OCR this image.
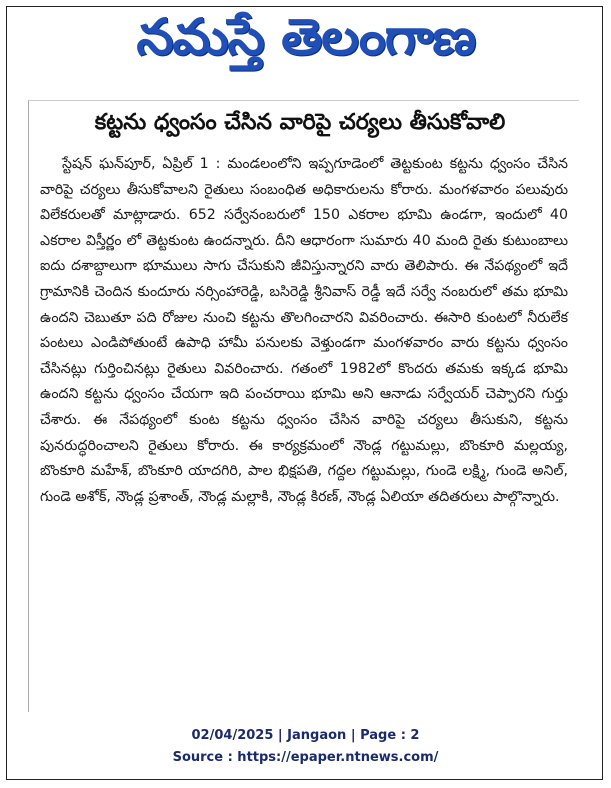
నమస్తే తెలంగాణ
కట్టను ధ్వంసం చేసిన వారిపై చర్యలు తీసుకోవాలి
స్టేషన్ ఘన్‌పూర్, ఏప్రిల్ 1 : మండలంలోని ఇప్పగూడెంలో తెట్టకుంట కట్టను ధ్వంసం చేసిన వారిపై చర్యలు తీసుకోవాలని రైతులు సంబంధిత అధికారులను కోరారు. మంగళవారం పలువురు విలేకరులతో మాట్లాడారు. 652 సర్వేనంబరులో 150 ఎకరాల భూమి ఉండగా, ఇందులో 40 ఎకరాల విస్తీర్ణం లో తెట్టకుంట ఉందన్నారు. దీని ఆధారంగా సుమారు 40 మంది రైతు కుటుంబాలు ఐదు దశాబ్దాలుగా భూములు సాగు చేసుకుని జీవిస్తున్నారని వారు తెలిపారు. ఈ నేపథ్యంలో ఇదే గ్రామానికి చెందిన కుందూరు నర్సింహారెడ్డి, బసిరెడ్డి శ్రీనివాస్ రెడ్డీ ఇదే సర్వే నంబరులో తమ భూమి ఉందని చెబుతూ పది రోజుల నుంచి కట్టను తొలగించారని వివరించారు. ఈసారి కుంటలో నీరులేక పంటలు ఎండిపోతుంటే ఉపాధి హామీ పనులకు వెళ్తుండగా మంగళవారం వారు కట్టను ధ్వంసం చేసినట్లు గుర్తించినట్లు రైతులు వివరించారు. గతంలో 1982లో కొందరు తమకు ఇక్కడ భూమి ఉందని కట్టను ధ్వంసం చేయగా ఇది పంచరాయి భూమి అని ఆనాడు సర్వేయర్ చెప్పారని గుర్తు చేశారు. ఈ నేపథ్యంలో కుంట కట్టను ధ్వంసం చేసిన వారిపై చర్యలు తీసుకుని, కట్టను పునరుద్ధరించాలని రైతులు కోరారు. ఈ కార్యక్రమంలో నౌండ్ల గట్టుమల్లు, బొంకూరి మల్లయ్య, బొంకూరి మహేశ్, బొంకూరి యాదగిరి, పాల భిక్షపతి, గద్దల గట్టుమల్లు, గుండె లక్ష్మి, గుండె అనిల్, గుండె అశోక్, నౌండ్ల ప్రశాంత్, నౌండ్ల మల్లాకి, నౌండ్ల కిరణ్, నౌండ్ల ఏలియా తదితరులు పాల్గొన్నారు.
02/04/2025 | Jangaon | Page : 2
Source : https://epaper.ntnews.com/
